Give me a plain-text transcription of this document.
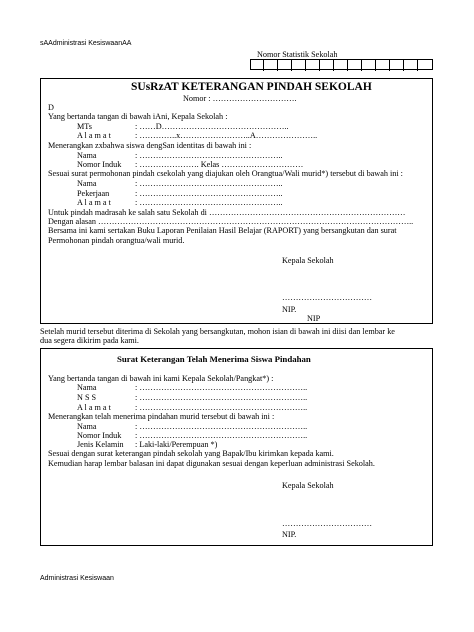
sAAdministrasi KesiswaanAA
Nomor Statistik Sekolah
SUsRzAT KETERANGAN PINDAH SEKOLAH
Nomor : ………………………….
D
Yang bertanda tangan di bawah iAni, Kepala Sekolah :
MTs	: ……D………………………………………..
A l a m a t	: …………..x……………………..A…………………..
Menerangkan zxbahwa siswa dengSan identitas di bawah ini :
Nama	: ……………………………………………..
Nomor Induk : …………………. Kelas …………………………
Sesuai surat permohonan pindah csekolah yang diajukan oleh Orangtua/Wali murid*) tersebut di bawah ini :
Nama	: ……………………………………………..
Pekerjaan	: ……………………………………………..
A l a m a t	: ……………………………………………..
Untuk pindah madrasah ke salah satu Sekolah di ………………………………………………………………
Dengan alasan ……………………………………………………………………………………………………..
Bersama ini kami sertakan Buku Laporan Penilaian Hasil Belajar (RAPORT) yang bersangkutan dan surat
Permohonan pindah orangtua/wali murid.
Kepala Sekolah
……………………………
NIP.
NIP
Setelah murid tersebut diterima di Sekolah yang bersangkutan, mohon isian di bawah ini diisi dan lembar ke
dua segera dikirim pada kami.
Surat Keterangan Telah Menerima Siswa Pindahan
Yang bertanda tangan di bawah ini kami Kepala Sekolah/Pangkat*) :
Nama	: ……………………………………………………..
N S S	: ……………………………………………………..
A l a m a t	: ……………………………………………………..
Menerangkan telah menerima pindahan murid tersebut di bawah ini :
Nama	: ……………………………………………………..
Nomor Induk : ……………………………………………………..
Jenis Kelamin : Laki-laki/Perempuan *)
Sesuai dengan surat keterangan pindah sekolah yang Bapak/Ibu kirimkan kepada kami.
Kemudian harap lembar balasan ini dapat digunakan sesuai dengan keperluan administrasi Sekolah.
Kepala Sekolah
……………………………
NIP.
Administrasi Kesiswaan
